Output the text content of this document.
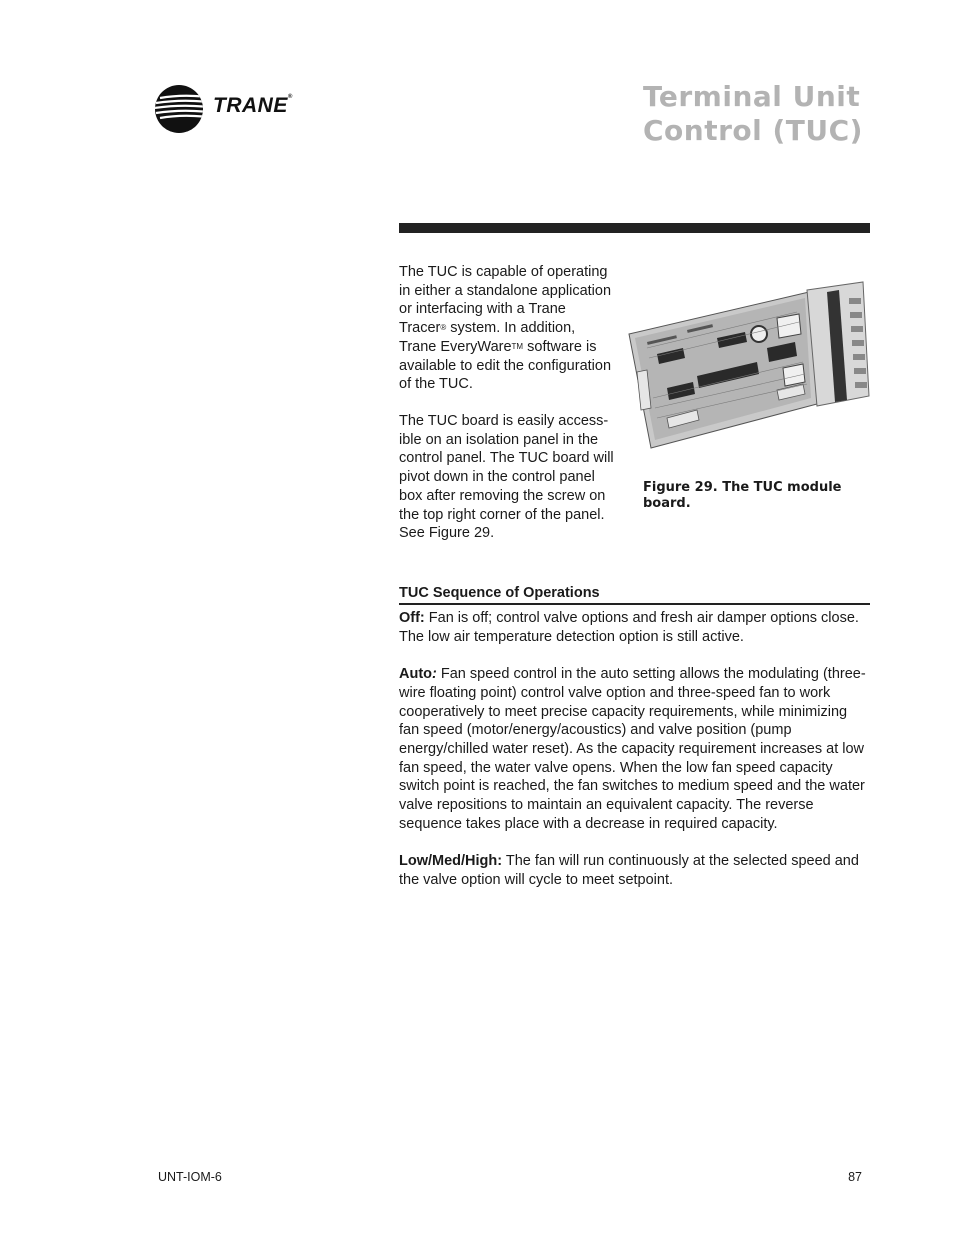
TRANE®	Terminal Unit
Control (TUC)
The TUC is capable of operating
in either a standalone application
or interfacing with a Trane
Tracer® system. In addition,
Trane EveryWare™ software is
available to edit the configuration
of the TUC.
The TUC board is easily access-
ible on an isolation panel in the
control panel. The TUC board will
pivot down in the control panel
box after removing the screw on
the top right corner of the panel.
See Figure 29.
Figure 29. The TUC module
board.
TUC Sequence of Operations

Off: Fan is off; control valve options and fresh air damper options close. The low air temperature detection option is still active.

Auto: Fan speed control in the auto setting allows the modulating (three-wire floating point) control valve option and three-speed fan to work cooperatively to meet precise capacity requirements, while minimizing fan speed (motor/energy/acoustics) and valve position (pump energy/chilled water reset). As the capacity requirement increases at low fan speed, the water valve opens. When the low fan speed capacity switch point is reached, the fan switches to medium speed and the water valve repositions to maintain an equivalent capacity. The reverse sequence takes place with a decrease in required capacity.

Low/Med/High: The fan will run continuously at the selected speed and the valve option will cycle to meet setpoint.

UNT-IOM-6	87
